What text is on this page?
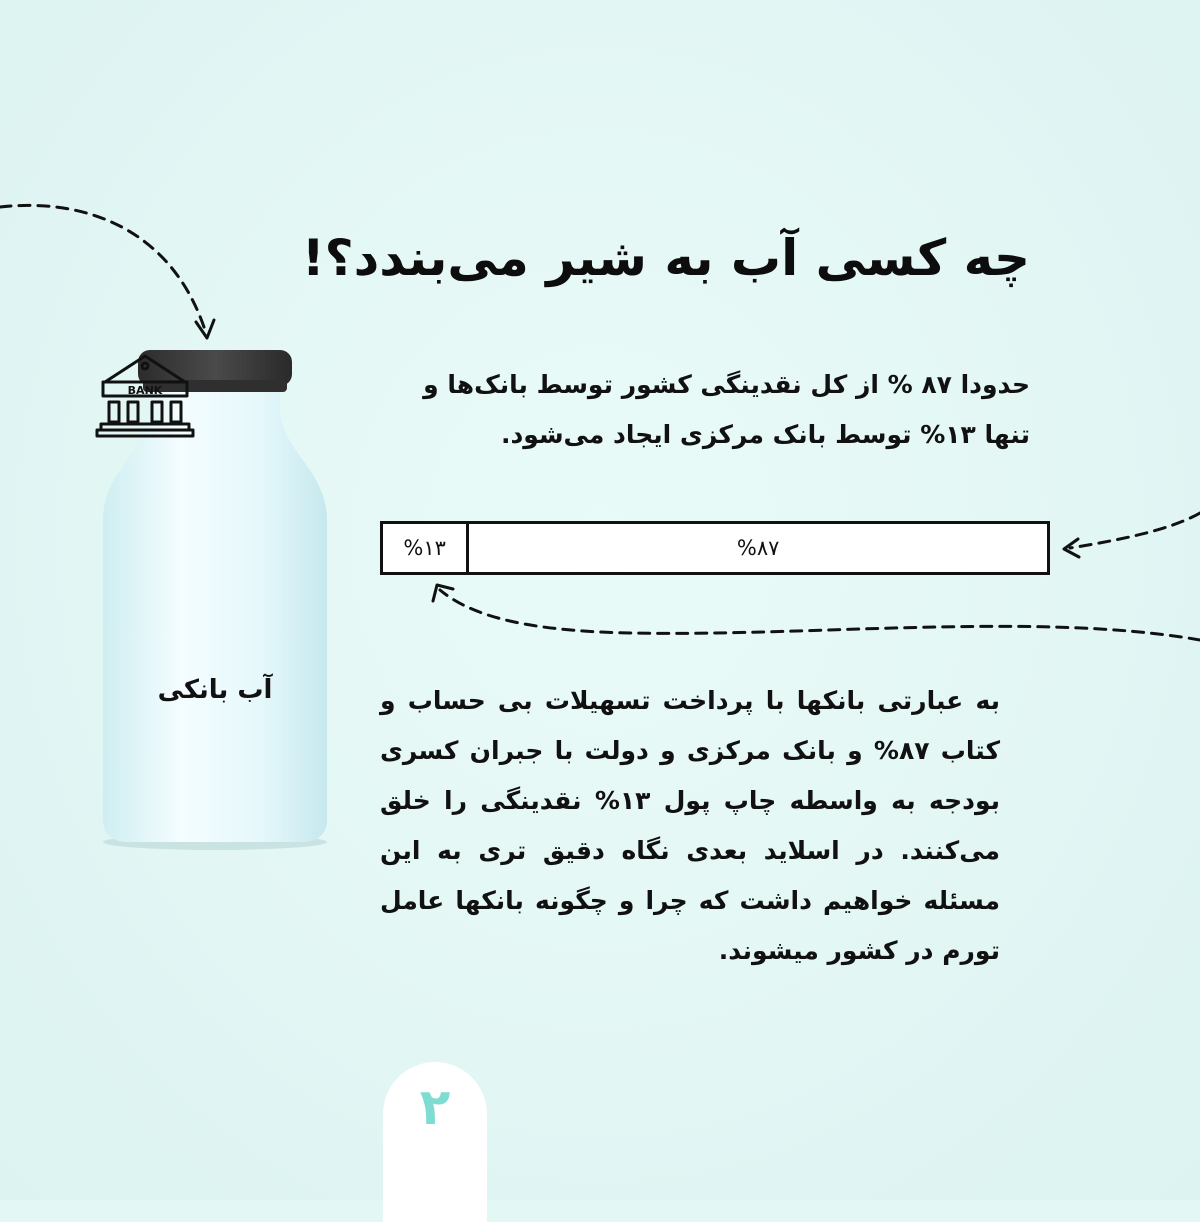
BANK
آب بانکی
چه کسی آب به شیر می‌بندد؟!

حدودا ۸۷ % از کل نقدینگی کشور توسط بانک‌ها و تنها ۱۳% توسط بانک مرکزی ایجاد می‌شود.

%۱۳	%۸۷

به عبارتی بانکها با پرداخت تسهیلات بی حساب و کتاب ۸۷% و بانک مرکزی و دولت با جبران کسری بودجه به واسطه چاپ پول ۱۳% نقدینگی را خلق می‌کنند. در اسلاید بعدی نگاه دقیق تری به این مسئله خواهیم داشت که چرا و چگونه بانکها عامل تورم در کشور میشوند.

۲
